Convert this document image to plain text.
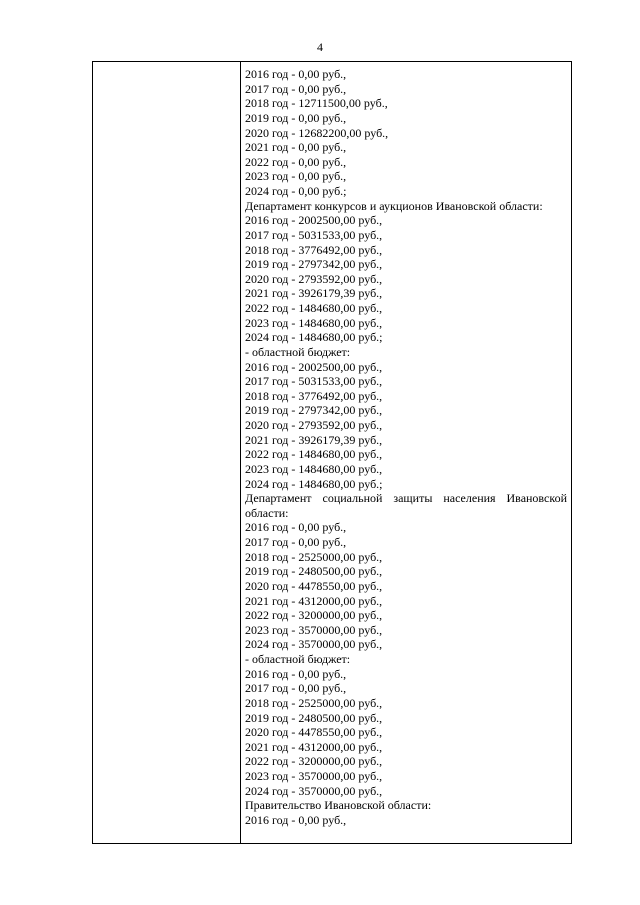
4
2016 год - 0,00 руб.,
2017 год - 0,00 руб.,
2018 год - 12711500,00 руб.,
2019 год - 0,00 руб.,
2020 год - 12682200,00 руб.,
2021 год - 0,00 руб.,
2022 год - 0,00 руб.,
2023 год - 0,00 руб.,
2024 год - 0,00 руб.;
Департамент конкурсов и аукционов Ивановской области:
2016 год - 2002500,00 руб.,
2017 год - 5031533,00 руб.,
2018 год - 3776492,00 руб.,
2019 год - 2797342,00 руб.,
2020 год - 2793592,00 руб.,
2021 год - 3926179,39 руб.,
2022 год - 1484680,00 руб.,
2023 год - 1484680,00 руб.,
2024 год - 1484680,00 руб.;
- областной бюджет:
2016 год - 2002500,00 руб.,
2017 год - 5031533,00 руб.,
2018 год - 3776492,00 руб.,
2019 год - 2797342,00 руб.,
2020 год - 2793592,00 руб.,
2021 год - 3926179,39 руб.,
2022 год - 1484680,00 руб.,
2023 год - 1484680,00 руб.,
2024 год - 1484680,00 руб.;
Департамент социальной защиты населения Ивановской
области:
2016 год - 0,00 руб.,
2017 год - 0,00 руб.,
2018 год - 2525000,00 руб.,
2019 год - 2480500,00 руб.,
2020 год - 4478550,00 руб.,
2021 год - 4312000,00 руб.,
2022 год - 3200000,00 руб.,
2023 год - 3570000,00 руб.,
2024 год - 3570000,00 руб.,
- областной бюджет:
2016 год - 0,00 руб.,
2017 год - 0,00 руб.,
2018 год - 2525000,00 руб.,
2019 год - 2480500,00 руб.,
2020 год - 4478550,00 руб.,
2021 год - 4312000,00 руб.,
2022 год - 3200000,00 руб.,
2023 год - 3570000,00 руб.,
2024 год - 3570000,00 руб.,
Правительство Ивановской области:
2016 год - 0,00 руб.,
